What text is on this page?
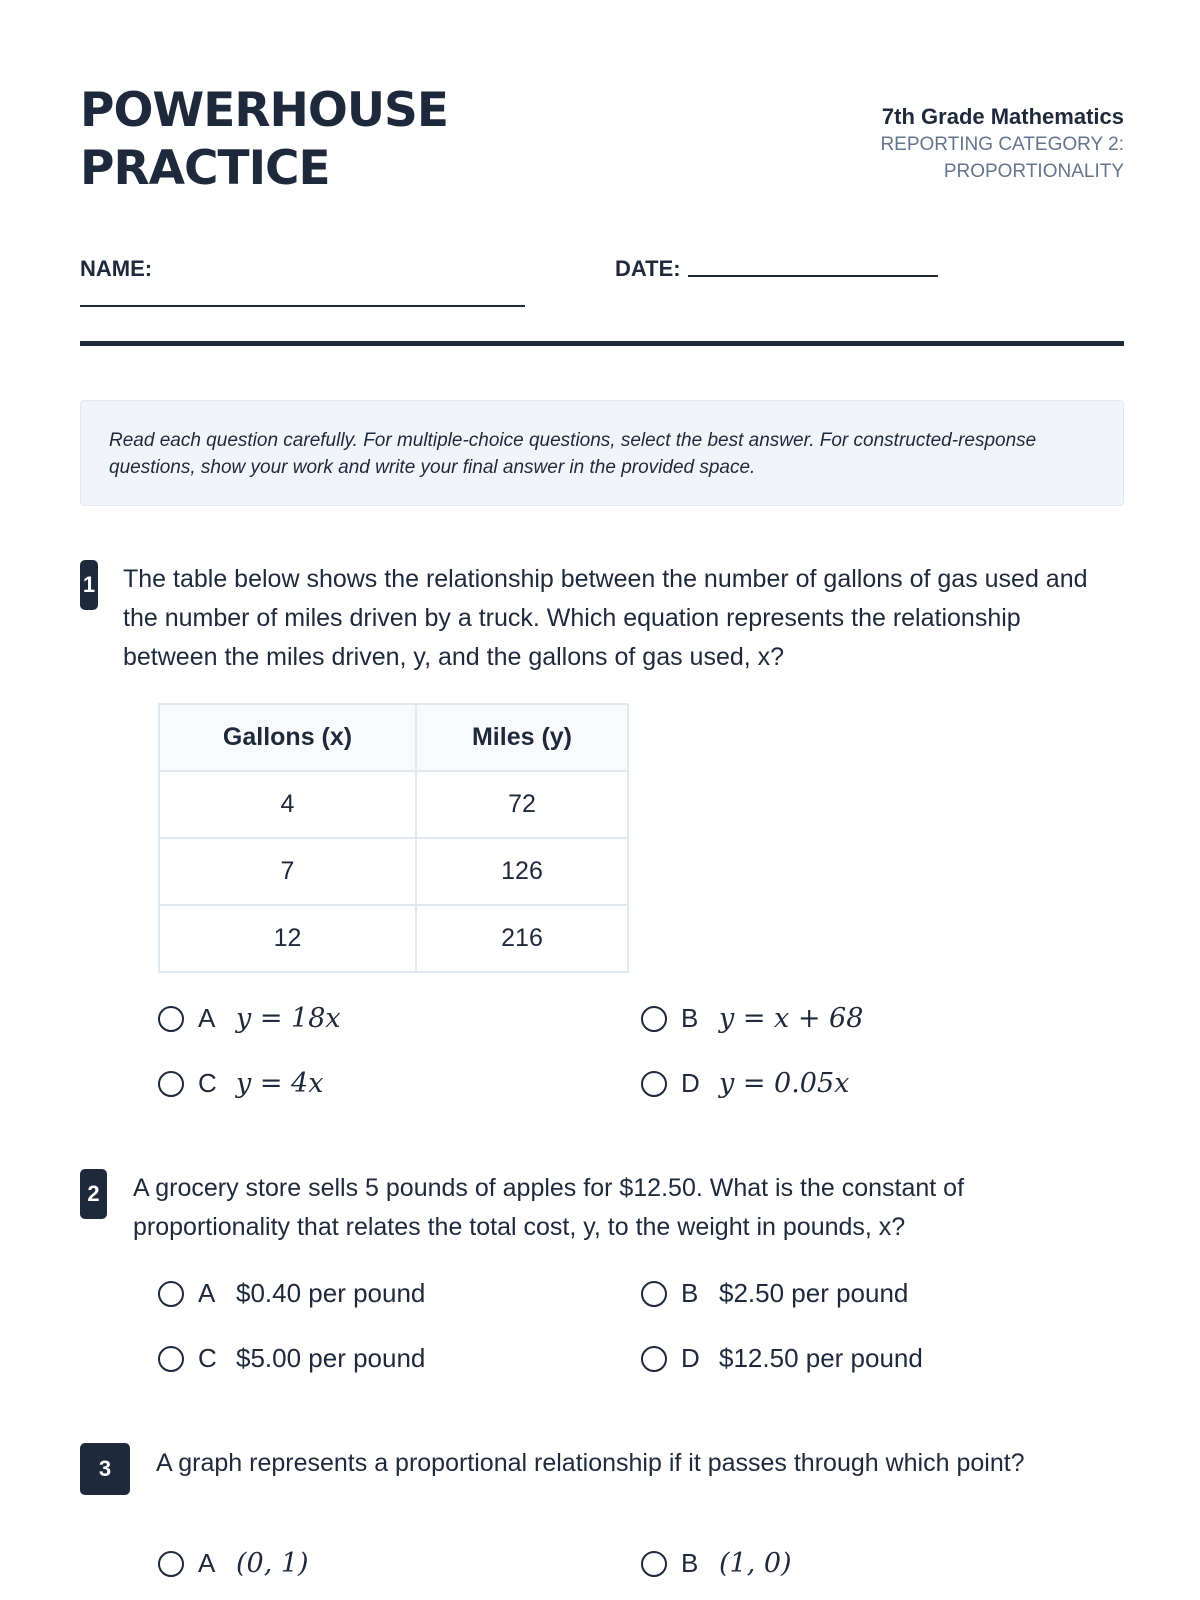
POWERHOUSE PRACTICE
7th Grade Mathematics
REPORTING CATEGORY 2: PROPORTIONALITY
NAME:	DATE:
Read each question carefully. For multiple-choice questions, select the best answer. For constructed-response questions, show your work and write your final answer in the provided space.
1 The table below shows the relationship between the number of gallons of gas used and the number of miles driven by a truck. Which equation represents the relationship between the miles driven, y, and the gallons of gas used, x?
Gallons (x)	Miles (y)
4	72
7	126
12	216
A y = 18x	B y = x + 68
C y = 4x	D y = 0.05x
2 A grocery store sells 5 pounds of apples for $12.50. What is the constant of proportionality that relates the total cost, y, to the weight in pounds, x?
A $0.40 per pound	B $2.50 per pound
C $5.00 per pound	D $12.50 per pound
3	A graph represents a proportional relationship if it passes through which point?
A (0, 1)	B (1, 0)
